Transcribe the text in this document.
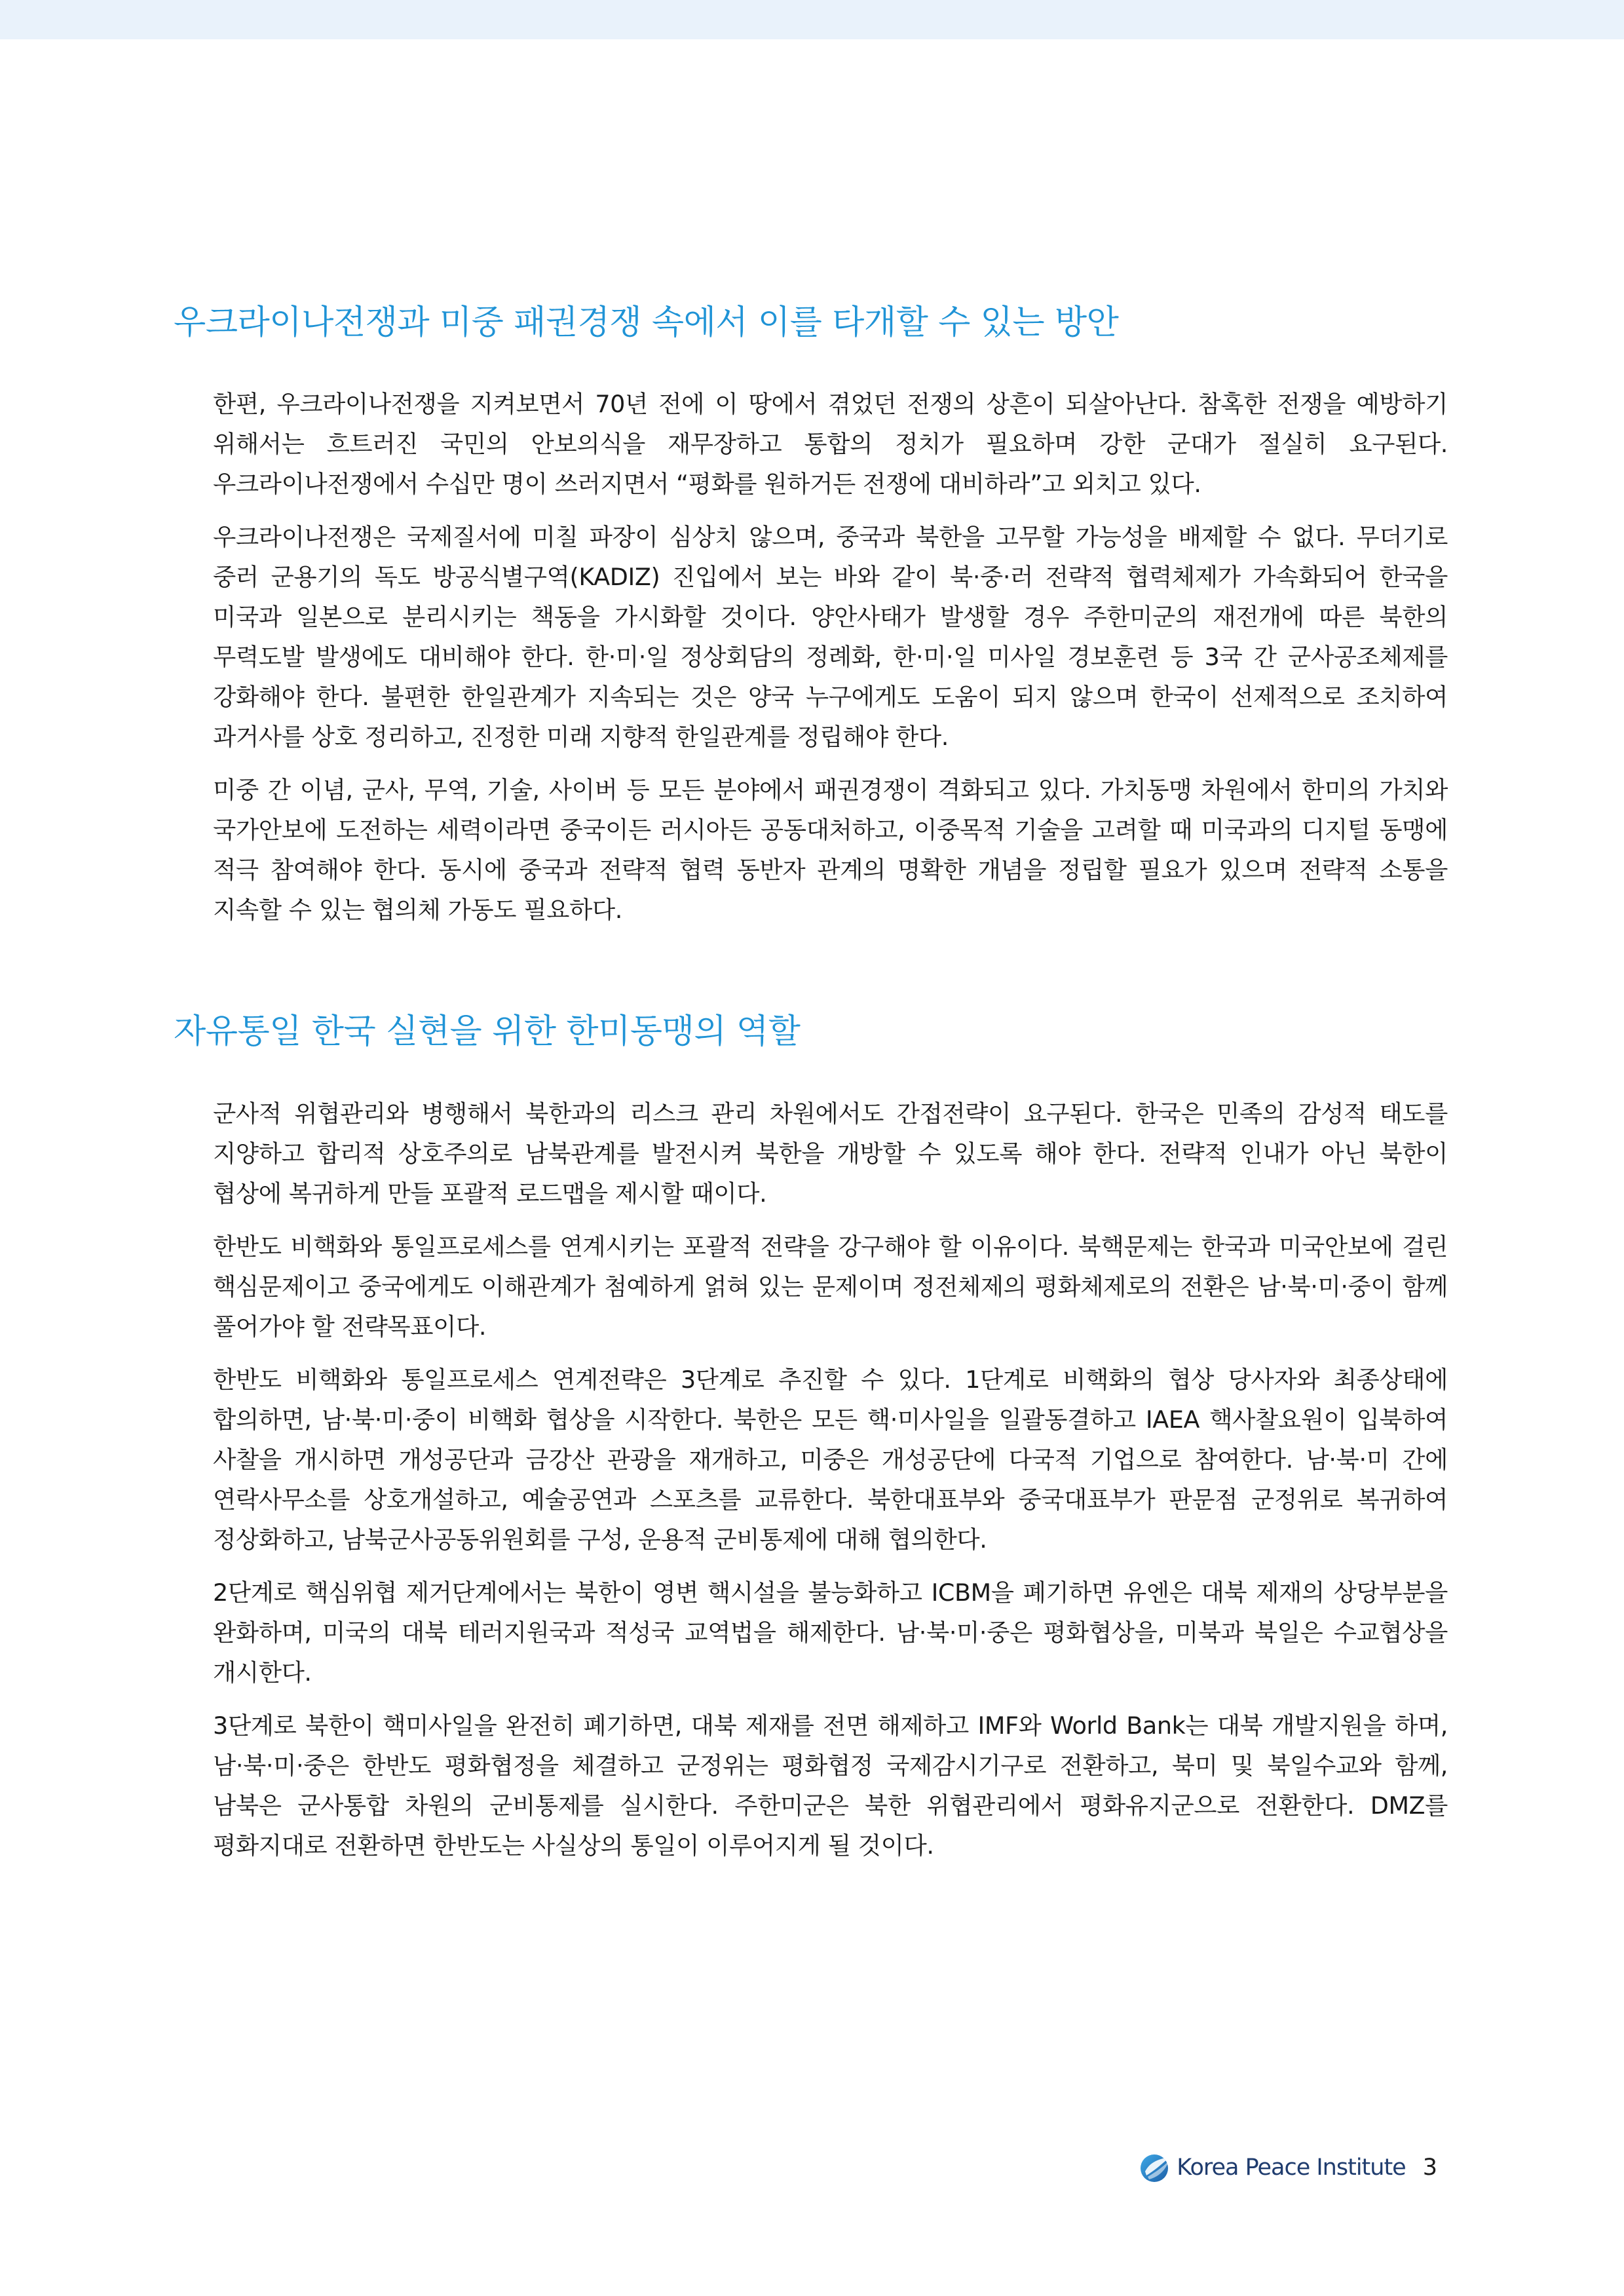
우크라이나전쟁과 미중 패권경쟁 속에서 이를 타개할 수 있는 방안

한편, 우크라이나전쟁을 지켜보면서 70년 전에 이 땅에서 겪었던 전쟁의 상흔이 되살아난다. 참혹한 전쟁을 예방하기 위해서는 흐트러진 국민의 안보의식을 재무장하고 통합의 정치가 필요하며 강한 군대가 절실히 요구된다. 우크라이나전쟁에서 수십만 명이 쓰러지면서 “평화를 원하거든 전쟁에 대비하라”고 외치고 있다.

우크라이나전쟁은 국제질서에 미칠 파장이 심상치 않으며, 중국과 북한을 고무할 가능성을 배제할 수 없다. 무더기로 중러 군용기의 독도 방공식별구역(KADIZ) 진입에서 보는 바와 같이 북·중·러 전략적 협력체제가 가속화되어 한국을 미국과 일본으로 분리시키는 책동을 가시화할 것이다. 양안사태가 발생할 경우 주한미군의 재전개에 따른 북한의 무력도발 발생에도 대비해야 한다. 한·미·일 정상회담의 정례화, 한·미·일 미사일 경보훈련 등 3국 간 군사공조체제를 강화해야 한다. 불편한 한일관계가 지속되는 것은 양국 누구에게도 도움이 되지 않으며 한국이 선제적으로 조치하여 과거사를 상호 정리하고, 진정한 미래 지향적 한일관계를 정립해야 한다.

미중 간 이념, 군사, 무역, 기술, 사이버 등 모든 분야에서 패권경쟁이 격화되고 있다. 가치동맹 차원에서 한미의 가치와 국가안보에 도전하는 세력이라면 중국이든 러시아든 공동대처하고, 이중목적 기술을 고려할 때 미국과의 디지털 동맹에 적극 참여해야 한다. 동시에 중국과 전략적 협력 동반자 관계의 명확한 개념을 정립할 필요가 있으며 전략적 소통을 지속할 수 있는 협의체 가동도 필요하다.

자유통일 한국 실현을 위한 한미동맹의 역할

군사적 위협관리와 병행해서 북한과의 리스크 관리 차원에서도 간접전략이 요구된다. 한국은 민족의 감성적 태도를 지양하고 합리적 상호주의로 남북관계를 발전시켜 북한을 개방할 수 있도록 해야 한다. 전략적 인내가 아닌 북한이 협상에 복귀하게 만들 포괄적 로드맵을 제시할 때이다.

한반도 비핵화와 통일프로세스를 연계시키는 포괄적 전략을 강구해야 할 이유이다. 북핵문제는 한국과 미국안보에 걸린 핵심문제이고 중국에게도 이해관계가 첨예하게 얽혀 있는 문제이며 정전체제의 평화체제로의 전환은 남·북·미·중이 함께 풀어가야 할 전략목표이다.

한반도 비핵화와 통일프로세스 연계전략은 3단계로 추진할 수 있다. 1단계로 비핵화의 협상 당사자와 최종상태에 합의하면, 남·북·미·중이 비핵화 협상을 시작한다. 북한은 모든 핵·미사일을 일괄동결하고 IAEA 핵사찰요원이 입북하여 사찰을 개시하면 개성공단과 금강산 관광을 재개하고, 미중은 개성공단에 다국적 기업으로 참여한다. 남·북·미 간에 연락사무소를 상호개설하고, 예술공연과 스포츠를 교류한다. 북한대표부와 중국대표부가 판문점 군정위로 복귀하여 정상화하고, 남북군사공동위원회를 구성, 운용적 군비통제에 대해 협의한다.

2단계로 핵심위협 제거단계에서는 북한이 영변 핵시설을 불능화하고 ICBM을 폐기하면 유엔은 대북 제재의 상당부분을 완화하며, 미국의 대북 테러지원국과 적성국 교역법을 해제한다. 남·북·미·중은 평화협상을, 미북과 북일은 수교협상을 개시한다.

3단계로 북한이 핵미사일을 완전히 폐기하면, 대북 제재를 전면 해제하고 IMF와 World Bank는 대북 개발지원을 하며, 남·북·미·중은 한반도 평화협정을 체결하고 군정위는 평화협정 국제감시기구로 전환하고, 북미 및 북일수교와 함께, 남북은 군사통합 차원의 군비통제를 실시한다. 주한미군은 북한 위협관리에서 평화유지군으로 전환한다. DMZ를 평화지대로 전환하면 한반도는 사실상의 통일이 이루어지게 될 것이다.

Korea Peace Institute 3
